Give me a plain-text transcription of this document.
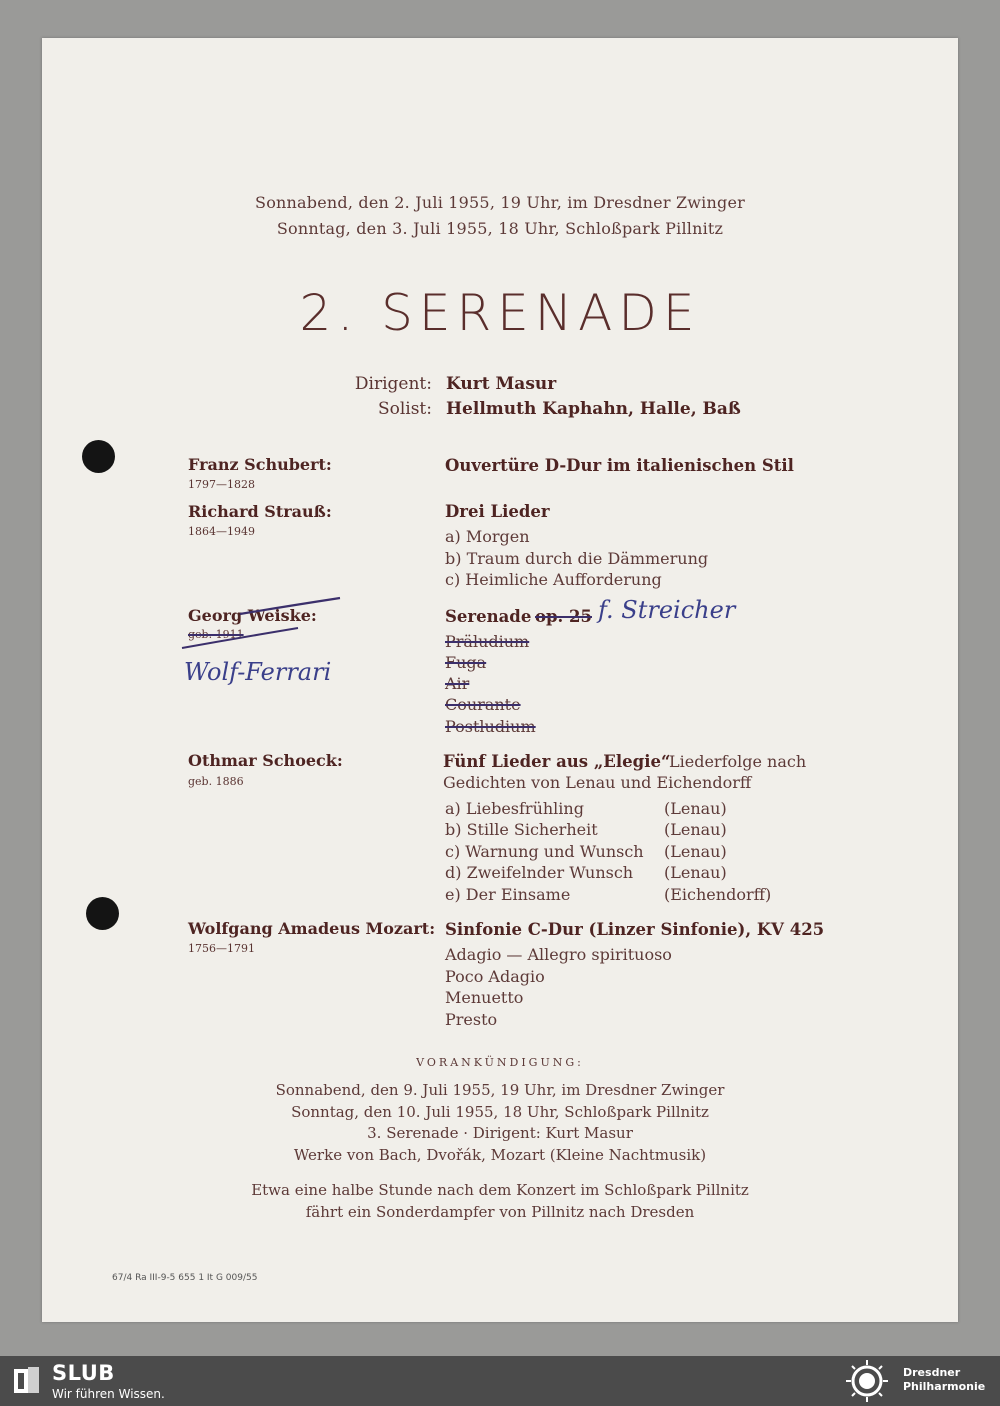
Sonnabend, den 2. Juli 1955, 19 Uhr, im Dresdner Zwinger
Sonntag, den 3. Juli 1955, 18 Uhr, Schloßpark Pillnitz
2. SERENADE
Dirigent: Kurt Masur
Solist: Hellmuth Kaphahn, Halle, Baß
Franz Schubert:
1797—1828
Ouvertüre D-Dur im italienischen Stil
Richard Strauß:
1864—1949
Drei Lieder
a) Morgen
b) Traum durch die Dämmerung
c) Heimliche Aufforderung
Georg Weiske:
geb. 1911
Wolf-Ferrari
Serenade op. 25 f. Streicher
Präludium
Fuga
Air
Courante
Postludium
Othmar Schoeck:
geb. 1886
Fünf Lieder aus „Elegie“
Liederfolge nach
Gedichten von Lenau und Eichendorff
a) Liebesfrühling	(Lenau)
b) Stille Sicherheit	(Lenau)
c) Warnung und Wunsch (Lenau)
d) Zweifelnder Wunsch (Lenau)
e) Der Einsame	(Eichendorff)
Wolfgang Amadeus Mozart:
1756—1791
Sinfonie C-Dur (Linzer Sinfonie), KV 425
Adagio — Allegro spirituoso
Poco Adagio
Menuetto
Presto
VORANKÜNDIGUNG:
Sonnabend, den 9. Juli 1955, 19 Uhr, im Dresdner Zwinger
Sonntag, den 10. Juli 1955, 18 Uhr, Schloßpark Pillnitz
3. Serenade · Dirigent: Kurt Masur
Werke von Bach, Dvořák, Mozart (Kleine Nachtmusik)
Etwa eine halbe Stunde nach dem Konzert im Schloßpark Pillnitz
fährt ein Sonderdampfer von Pillnitz nach Dresden
67/4 Ra III-9-5 655 1 It G 009/55
SLUB
Wir führen Wissen.
Dresdner
Philharmonie
